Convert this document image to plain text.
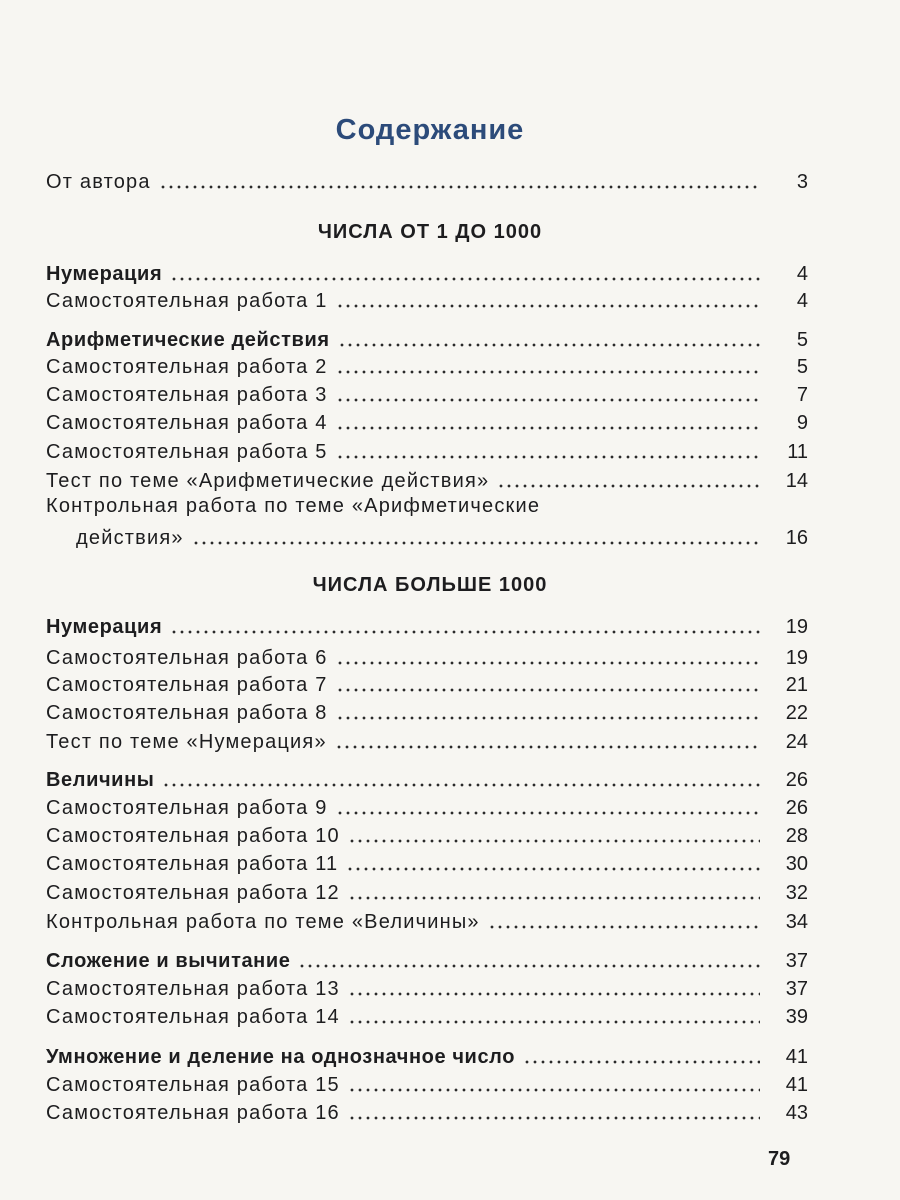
Содержание
От автора	3
ЧИСЛА ОТ 1 ДО 1000
Нумерация	4
Самостоятельная работа 1	4
Арифметические действия	5
Самостоятельная работа 2	5
Самостоятельная работа 3	7
Самостоятельная работа 4	9
Самостоятельная работа 5	11
Тест по теме «Арифметические действия»	14
Контрольная работа по теме «Арифметические
действия»	16
ЧИСЛА БОЛЬШЕ 1000
Нумерация	19
Самостоятельная работа 6	19
Самостоятельная работа 7	21
Самостоятельная работа 8	22
Тест по теме «Нумерация»	24
Величины	26
Самостоятельная работа 9	26
Самостоятельная работа 10	28
Самостоятельная работа 11	30
Самостоятельная работа 12	32
Контрольная работа по теме «Величины»	34
Сложение и вычитание	37
Самостоятельная работа 13	37
Самостоятельная работа 14	39
Умножение и деление на однозначное число	41
Самостоятельная работа 15	41
Самостоятельная работа 16	43
79
